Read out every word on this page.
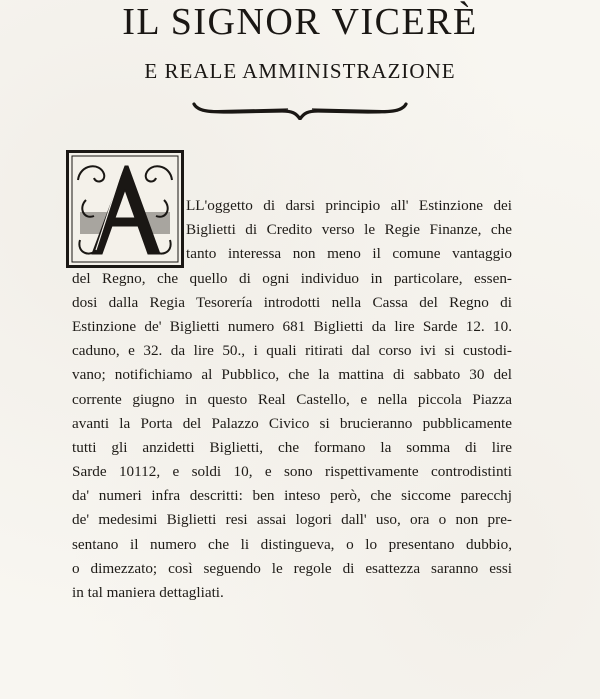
IL SIGNOR VICERÈ
E REALE AMMINISTRAZIONE
LL'oggetto di darsi principio all' Estinzione dei
Biglietti di Credito verso le Regie Finanze, che
tanto interessa non meno il comune vantaggio
del Regno, che quello di ogni individuo in particolare, essen-
dosi dalla Regia Tesorería introdotti nella Cassa del Regno di
Estinzione de' Biglietti numero 681 Biglietti da lire Sarde 12. 10.
caduno, e 32. da lire 50., i quali ritirati dal corso ivi si custodi-
vano; notifichiamo al Pubblico, che la mattina di sabbato 30 del
corrente giugno in questo Real Castello, e nella piccola Piazza
avanti la Porta del Palazzo Civico si brucieranno pubblicamente
tutti gli anzidetti Biglietti, che formano la somma di lire
Sarde 10112, e soldi 10, e sono rispettivamente controdistinti
da' numeri infra descritti: ben inteso però, che siccome parecchj
de' medesimi Biglietti resi assai logori dall' uso, ora o non pre-
sentano il numero che li distingueva, o lo presentano dubbio,
o dimezzato; così seguendo le regole di esattezza saranno essi
in tal maniera dettagliati.
